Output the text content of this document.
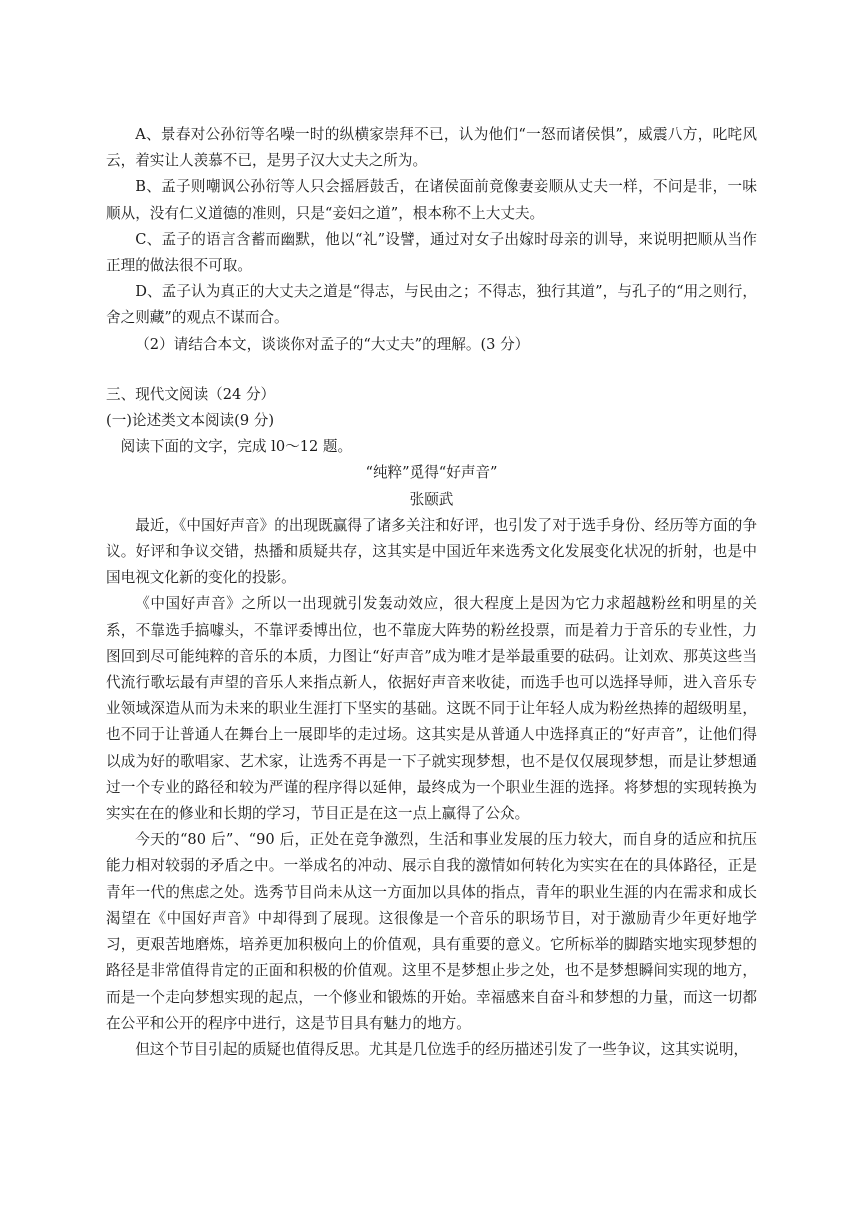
A、景春对公孙衍等名噪一时的纵横家崇拜不已，认为他们“一怒而诸侯惧”，威震八方，叱咤风云，着实让人羡慕不已，是男子汉大丈夫之所为。

B、孟子则嘲讽公孙衍等人只会摇唇鼓舌，在诸侯面前竟像妻妾顺从丈夫一样，不问是非，一味顺从，没有仁义道德的准则，只是“妾妇之道”，根本称不上大丈夫。

C、孟子的语言含蓄而幽默，他以“礼”设譬，通过对女子出嫁时母亲的训导，来说明把顺从当作正理的做法很不可取。

D、孟子认为真正的大丈夫之道是“得志，与民由之；不得志，独行其道”，与孔子的“用之则行，舍之则藏”的观点不谋而合。

（2）请结合本文，谈谈你对孟子的“大丈夫”的理解。(3 分）

三、现代文阅读（24 分）

(一)论述类文本阅读(9 分)

阅读下面的文字，完成 l0～12 题。

“纯粹”觅得“好声音”

张颐武

最近，《中国好声音》的出现既赢得了诸多关注和好评，也引发了对于选手身份、经历等方面的争议。好评和争议交错，热播和质疑共存，这其实是中国近年来选秀文化发展变化状况的折射，也是中国电视文化新的变化的投影。

《中国好声音》之所以一出现就引发轰动效应，很大程度上是因为它力求超越粉丝和明星的关系，不靠选手搞噱头，不靠评委博出位，也不靠庞大阵势的粉丝投票，而是着力于音乐的专业性，力图回到尽可能纯粹的音乐的本质，力图让“好声音”成为唯才是举最重要的砝码。让刘欢、那英这些当代流行歌坛最有声望的音乐人来指点新人，依据好声音来收徒，而选手也可以选择导师，进入音乐专业领域深造从而为未来的职业生涯打下坚实的基础。这既不同于让年轻人成为粉丝热捧的超级明星，也不同于让普通人在舞台上一展即毕的走过场。这其实是从普通人中选择真正的“好声音”，让他们得以成为好的歌唱家、艺术家，让选秀不再是一下子就实现梦想，也不是仅仅展现梦想，而是让梦想通过一个专业的路径和较为严谨的程序得以延伸，最终成为一个职业生涯的选择。将梦想的实现转换为实实在在的修业和长期的学习，节目正是在这一点上赢得了公众。

今天的“80 后”、“90 后，正处在竞争激烈，生活和事业发展的压力较大，而自身的适应和抗压能力相对较弱的矛盾之中。一举成名的冲动、展示自我的激情如何转化为实实在在的具体路径，正是青年一代的焦虑之处。选秀节目尚未从这一方面加以具体的指点，青年的职业生涯的内在需求和成长渴望在《中国好声音》中却得到了展现。这很像是一个音乐的职场节目，对于激励青少年更好地学习，更艰苦地磨炼，培养更加积极向上的价值观，具有重要的意义。它所标举的脚踏实地实现梦想的路径是非常值得肯定的正面和积极的价值观。这里不是梦想止步之处，也不是梦想瞬间实现的地方，而是一个走向梦想实现的起点，一个修业和锻炼的开始。幸福感来自奋斗和梦想的力量，而这一切都在公平和公开的程序中进行，这是节目具有魅力的地方。

但这个节目引起的质疑也值得反思。尤其是几位选手的经历描述引发了一些争议，这其实说明，
